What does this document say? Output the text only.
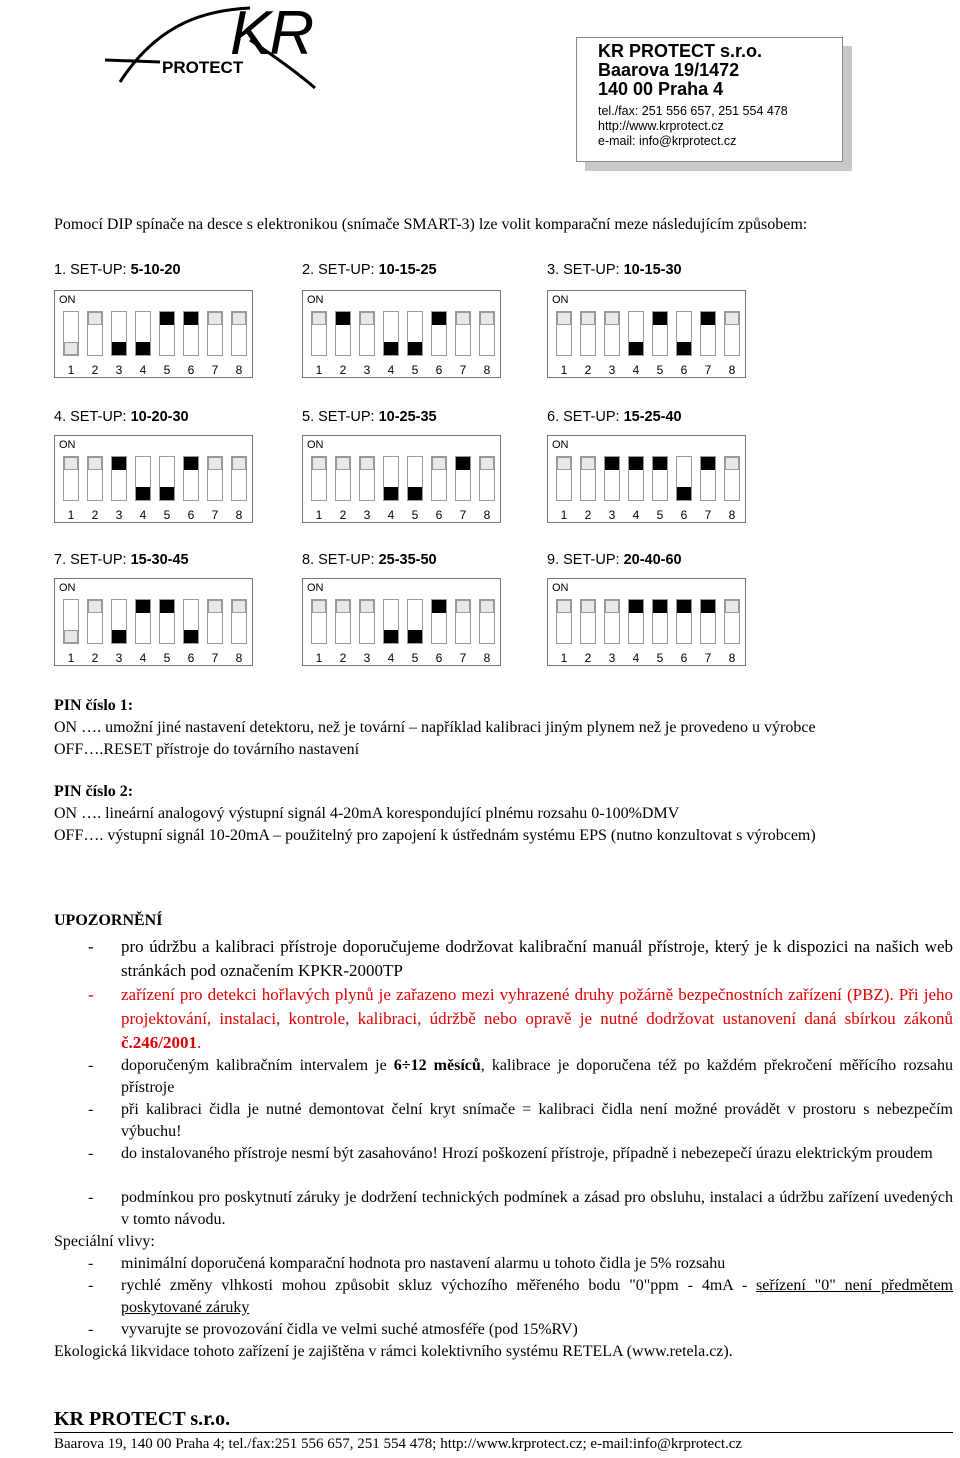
KR
PROTECT
KR PROTECT s.r.o.
Baarova 19/1472
140 00 Praha 4
tel./fax: 251 556 657, 251 554 478
http://www.krprotect.cz
e-mail: info@krprotect.cz
Pomocí DIP spínače na desce s elektronikou (snímače SMART-3) lze volit komparační meze následujícím způsobem:
1. SET-UP: 5-10-20
ON
1	2	3	4	5	6	7	8
2. SET-UP: 10-15-25
ON
1	2	3	4	5	6	7	8
3. SET-UP: 10-15-30
ON
1	2	3	4	5	6	7	8
4. SET-UP: 10-20-30
ON
1	2	3	4	5	6	7	8
5. SET-UP: 10-25-35
ON
1	2	3	4	5	6	7	8
6. SET-UP: 15-25-40
ON
1	2	3	4	5	6	7	8
7. SET-UP: 15-30-45
ON
1	2	3	4	5	6	7	8
8. SET-UP: 25-35-50
ON
1	2	3	4	5	6	7	8
9. SET-UP: 20-40-60
ON
1	2	3	4	5	6	7	8
PIN číslo 1:
ON …. umožní jiné nastavení detektoru, než je tovární – například kalibraci jiným plynem než je provedeno u výrobce
OFF….RESET přístroje do továrního nastavení
PIN číslo 2:
ON …. lineární analogový výstupní signál 4-20mA korespondující plnému rozsahu 0-100%DMV
OFF…. výstupní signál 10-20mA – použitelný pro zapojení k ústřednám systému EPS (nutno konzultovat s výrobcem)
UPOZORNĚNÍ
- pro údržbu a kalibraci přístroje doporučujeme dodržovat kalibrační manuál přístroje, který je k dispozici na našich web stránkách pod označením KPKR-2000TP
- zařízení pro detekci hořlavých plynů je zařazeno mezi vyhrazené druhy požárně bezpečnostních zařízení (PBZ). Při jeho projektování, instalaci, kontrole, kalibraci, údržbě nebo opravě je nutné dodržovat ustanovení daná sbírkou zákonů č.246/2001.
- doporučeným kalibračním intervalem je 6÷12 měsíců, kalibrace je doporučena též po každém překročení měřícího rozsahu přístroje
- při kalibraci čidla je nutné demontovat čelní kryt snímače = kalibraci čidla není možné provádět v prostoru s nebezpečím výbuchu!
- do instalovaného přístroje nesmí být zasahováno! Hrozí poškození přístroje, případně i nebezepečí úrazu elektrickým proudem
- podmínkou pro poskytnutí záruky je dodržení technických podmínek a zásad pro obsluhu, instalaci a údržbu zařízení uvedených v tomto návodu.
Speciální vlivy:
- minimální doporučená komparační hodnota pro nastavení alarmu u tohoto čidla je 5% rozsahu
- rychlé změny vlhkosti mohou způsobit skluz výchozího měřeného bodu "0"ppm - 4mA - seřízení "0" není předmětem poskytované záruky
- vyvarujte se provozování čidla ve velmi suché atmosféře (pod 15%RV)
Ekologická likvidace tohoto zařízení je zajištěna v rámci kolektivního systému RETELA (www.retela.cz).
KR PROTECT s.r.o.
Baarova 19, 140 00 Praha 4; tel./fax:251 556 657, 251 554 478; http://www.krprotect.cz; e-mail:info@krprotect.cz
